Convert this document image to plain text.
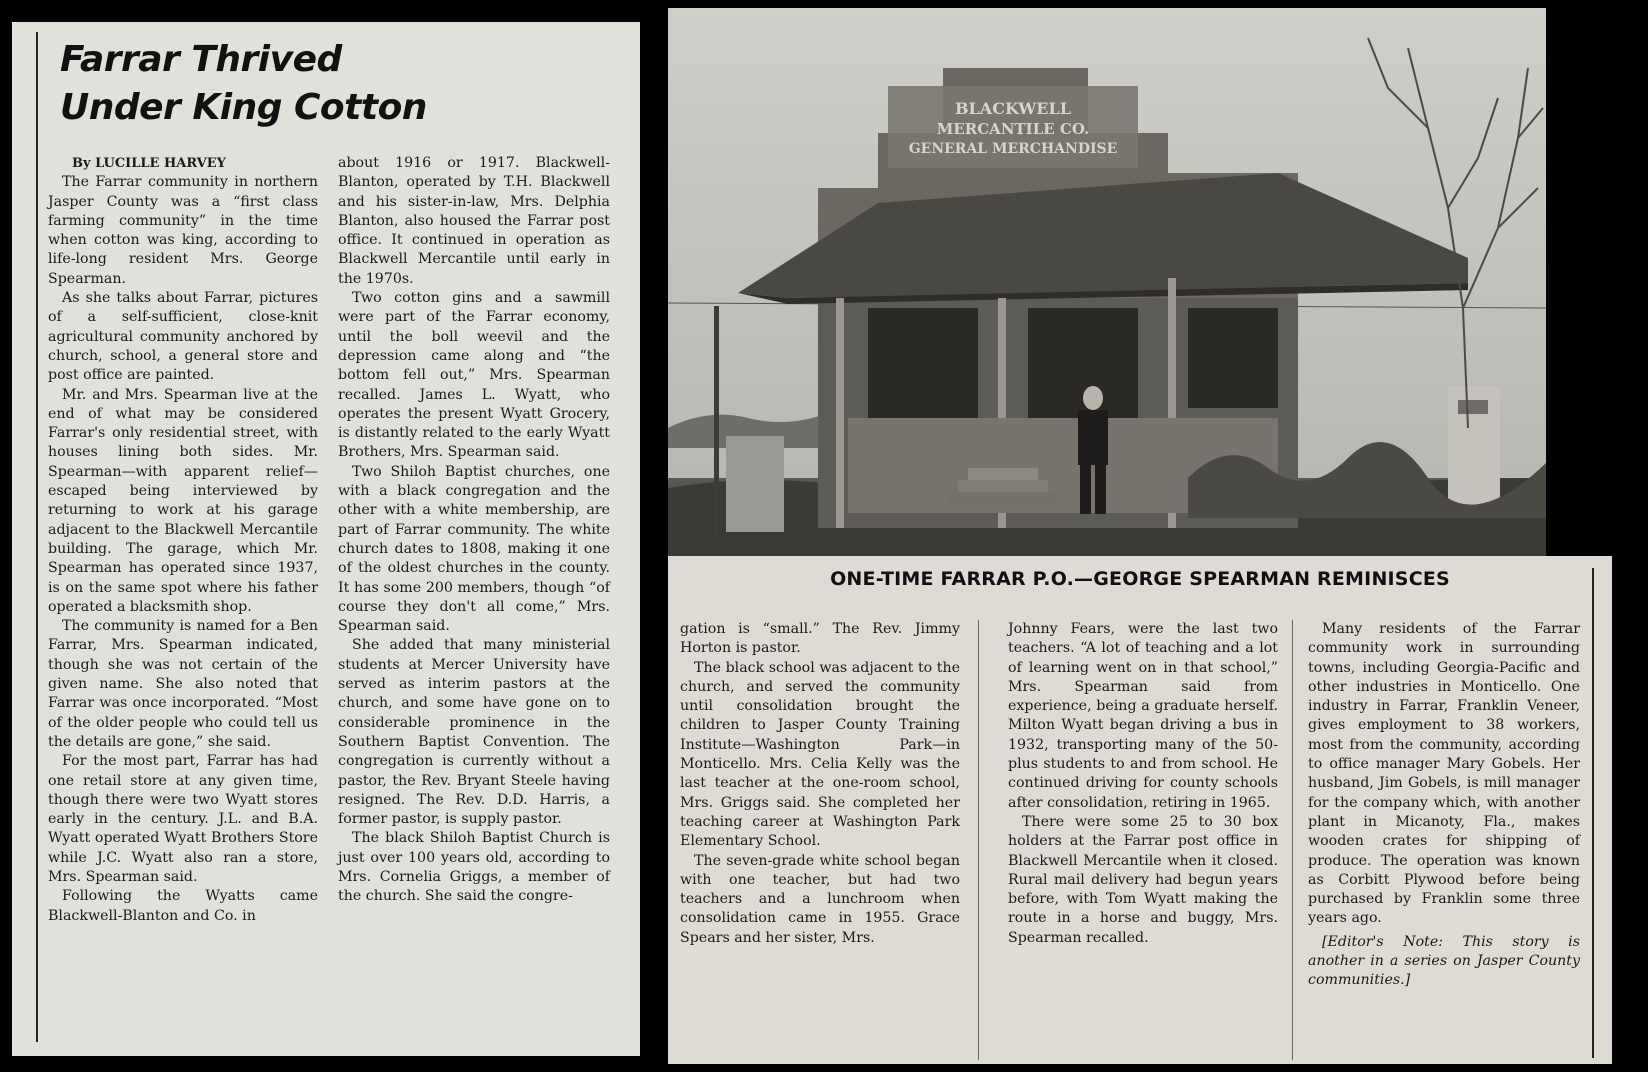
Farrar Thrived
Under King Cotton

By LUCILLE HARVEY

The Farrar community in northern Jasper County was a “first class farming community” in the time when cotton was king, according to life-long resident Mrs. George Spearman.

As she talks about Farrar, pictures of a self-sufficient, close-knit agricultural community anchored by church, school, a general store and post office are painted.

Mr. and Mrs. Spearman live at the end of what may be considered Farrar's only residential street, with houses lining both sides. Mr. Spearman—with apparent relief—escaped being interviewed by returning to work at his garage adjacent to the Blackwell Mercantile building. The garage, which Mr. Spearman has operated since 1937, is on the same spot where his father operated a blacksmith shop.

The community is named for a Ben Farrar, Mrs. Spearman indicated, though she was not certain of the given name. She also noted that Farrar was once incorporated. “Most of the older people who could tell us the details are gone,” she said.

For the most part, Farrar has had one retail store at any given time, though there were two Wyatt stores early in the century. J.L. and B.A. Wyatt operated Wyatt Brothers Store while J.C. Wyatt also ran a store, Mrs. Spearman said.

Following the Wyatts came Blackwell-Blanton and Co. in

about 1916 or 1917. Blackwell-Blanton, operated by T.H. Blackwell and his sister-in-law, Mrs. Delphia Blanton, also housed the Farrar post office. It continued in operation as Blackwell Mercantile until early in the 1970s.

Two cotton gins and a sawmill were part of the Farrar economy, until the boll weevil and the depression came along and “the bottom fell out,” Mrs. Spearman recalled. James L. Wyatt, who operates the present Wyatt Grocery, is distantly related to the early Wyatt Brothers, Mrs. Spearman said.

Two Shiloh Baptist churches, one with a black congregation and the other with a white membership, are part of Farrar community. The white church dates to 1808, making it one of the oldest churches in the county. It has some 200 members, though “of course they don't all come,” Mrs. Spearman said.

She added that many ministerial students at Mercer University have served as interim pastors at the church, and some have gone on to considerable prominence in the Southern Baptist Convention. The congregation is currently without a pastor, the Rev. Bryant Steele having resigned. The Rev. D.D. Harris, a former pastor, is supply pastor.

The black Shiloh Baptist Church is just over 100 years old, according to Mrs. Cornelia Griggs, a member of the church. She said the congre-

BLACKWELL
MERCANTILE CO.
GENERAL MERCHANDISE
ONE-TIME FARRAR P.O.—GEORGE SPEARMAN REMINISCES

gation is “small.” The Rev. Jimmy Horton is pastor.

The black school was adjacent to the church, and served the community until consolidation brought the children to Jasper County Training Institute—Washington Park—in Monticello. Mrs. Celia Kelly was the last teacher at the one-room school, Mrs. Griggs said. She completed her teaching career at Washington Park Elementary School.

The seven-grade white school began with one teacher, but had two teachers and a lunchroom when consolidation came in 1955. Grace Spears and her sister, Mrs.

Johnny Fears, were the last two teachers. “A lot of teaching and a lot of learning went on in that school,” Mrs. Spearman said from experience, being a graduate herself. Milton Wyatt began driving a bus in 1932, transporting many of the 50-plus students to and from school. He continued driving for county schools after consolidation, retiring in 1965.

There were some 25 to 30 box holders at the Farrar post office in Blackwell Mercantile when it closed. Rural mail delivery had begun years before, with Tom Wyatt making the route in a horse and buggy, Mrs. Spearman recalled.

Many residents of the Farrar community work in surrounding towns, including Georgia-Pacific and other industries in Monticello. One industry in Farrar, Franklin Veneer, gives employment to 38 workers, most from the community, according to office manager Mary Gobels. Her husband, Jim Gobels, is mill manager for the company which, with another plant in Micanoty, Fla., makes wooden crates for shipping of produce. The operation was known as Corbitt Plywood before being purchased by Franklin some three years ago.

[Editor's Note: This story is another in a series on Jasper County communities.]
